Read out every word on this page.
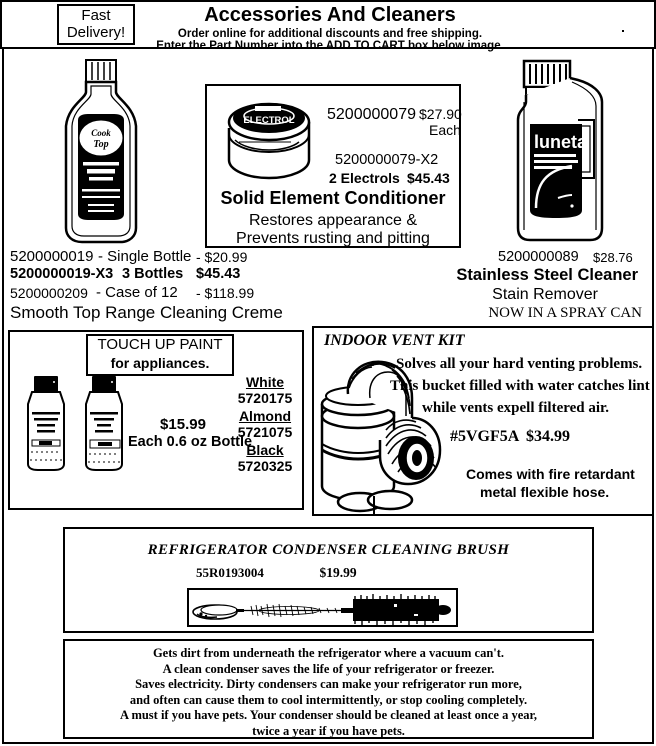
Accessories And Cleaners
Order online for additional discounts and free shipping.
Enter the Part Number into the ADD TO CART box below image.
Fast
Delivery!
Cook
Top
ELECTROL 5200000079 $27.90
Each
5200000079-X2
2 Electrols $45.43
Solid Element Conditioner
Restores appearance &
Prevents rusting and pitting
luneta
5200000019 - Single Bottle - $20.99
5200000019-X3 3 Bottles $45.43
5200000209 - Case of 12 - $118.99
Smooth Top Range Cleaning Creme
5200000089 $28.76
Stainless Steel Cleaner
Stain Remover
NOW IN A SPRAY CAN
TOUCH UP PAINT
for appliances.
$15.99
Each 0.6 oz Bottle
White
5720175
Almond
5721075
Black
5720325
INDOOR VENT KIT
Solves all your hard venting problems.
This bucket filled with water catches lint
while vents expell filtered air.
#5VGF5A $34.99
Comes with fire retardant
metal flexible hose.
REFRIGERATOR CONDENSER CLEANING BRUSH
55R0193004	$19.99
Gets dirt from underneath the refrigerator where a vacuum can't.
A clean condenser saves the life of your refrigerator or freezer.
Saves electricity. Dirty condensers can make your refrigerator run more,
and often can cause them to cool intermittently, or stop cooling completely.
A must if you have pets. Your condenser should be cleaned at least once a year,
twice a year if you have pets.
